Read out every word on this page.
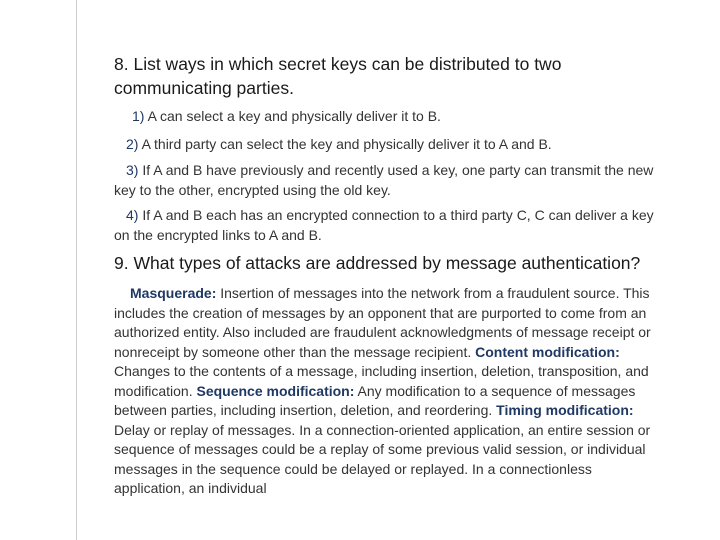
8. List ways in which secret keys can be distributed to two communicating parties.
1) A can select a key and physically deliver it to B.
2) A third party can select the key and physically deliver it to A and B.
3) If A and B have previously and recently used a key, one party can transmit the new key to the other, encrypted using the old key.
4) If A and B each has an encrypted connection to a third party C, C can deliver a key on the encrypted links to A and B.
9. What types of attacks are addressed by message authentication?
Masquerade: Insertion of messages into the network from a fraudulent source. This includes the creation of messages by an opponent that are purported to come from an authorized entity. Also included are fraudulent acknowledgments of message receipt or nonreceipt by someone other than the message recipient. Content modification: Changes to the contents of a message, including insertion, deletion, transposition, and modification. Sequence modification: Any modification to a sequence of messages between parties, including insertion, deletion, and reordering. Timing modification: Delay or replay of messages. In a connection-oriented application, an entire session or sequence of messages could be a replay of some previous valid session, or individual messages in the sequence could be delayed or replayed. In a connectionless application, an individual
